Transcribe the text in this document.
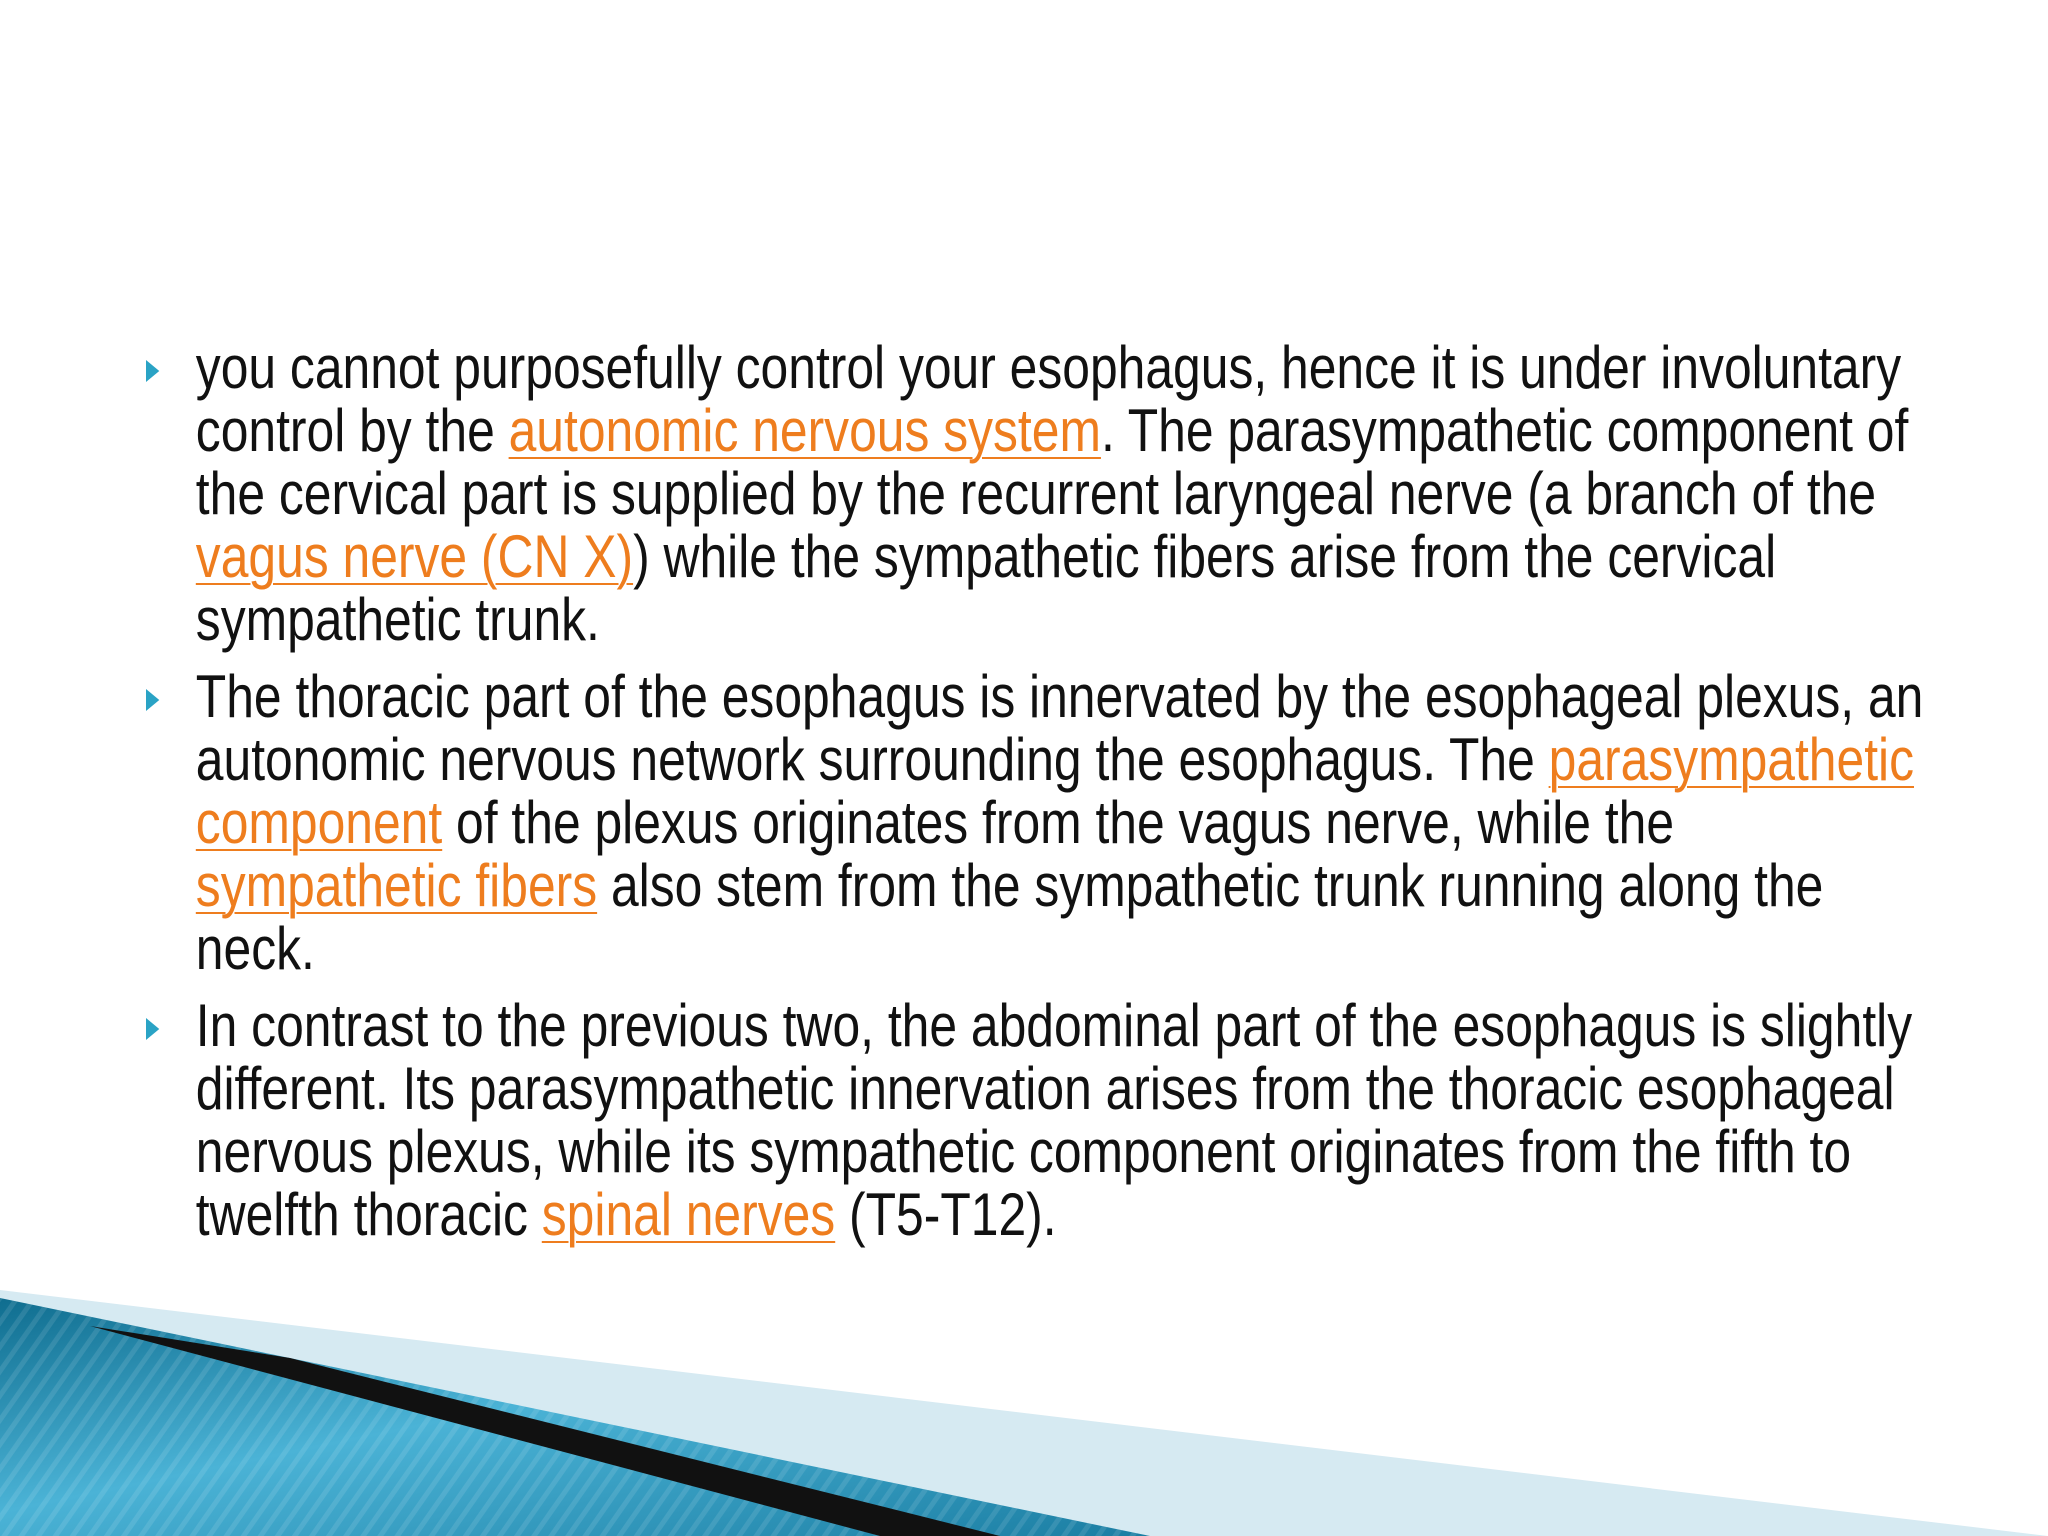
you cannot purposefully control your esophagus, hence it is under involuntary control by the autonomic nervous system. The parasympathetic component of the cervical part is supplied by the recurrent laryngeal nerve (a branch of the vagus nerve (CN X)) while the sympathetic fibers arise from the cervical sympathetic trunk.
The thoracic part of the esophagus is innervated by the esophageal plexus, an autonomic nervous network surrounding the esophagus. The parasympathetic component of the plexus originates from the vagus nerve, while the sympathetic fibers also stem from the sympathetic trunk running along the neck.
In contrast to the previous two, the abdominal part of the esophagus is slightly different. Its parasympathetic innervation arises from the thoracic esophageal nervous plexus, while its sympathetic component originates from the fifth to twelfth thoracic spinal nerves (T5-T12).
